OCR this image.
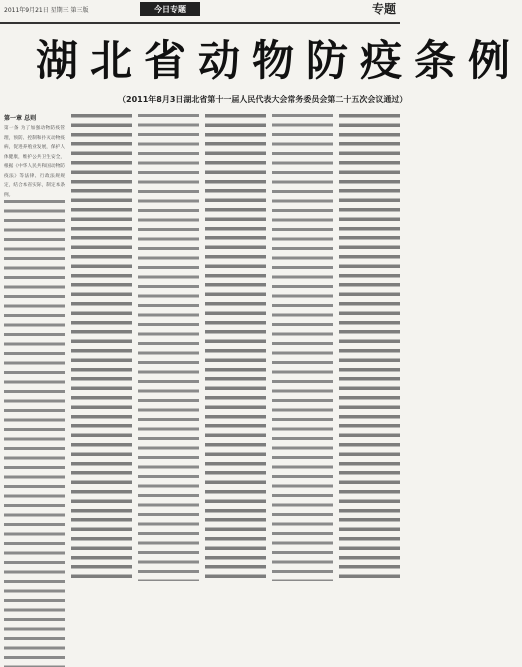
2011年9月21日 星期三 第三版	今日专题	专题
湖北省动物防疫条例
（2011年8月3日湖北省第十一届人民代表大会常务委员会第二十五次会议通过）
第一章 总则
第一条 为了加强动物防疫管理，预防、控制和扑灭动物疫病，促进养殖业发展，保护人体健康，维护公共卫生安全，根据《中华人民共和国动物防疫法》等法律、行政法规规定，结合本省实际，制定本条例。
